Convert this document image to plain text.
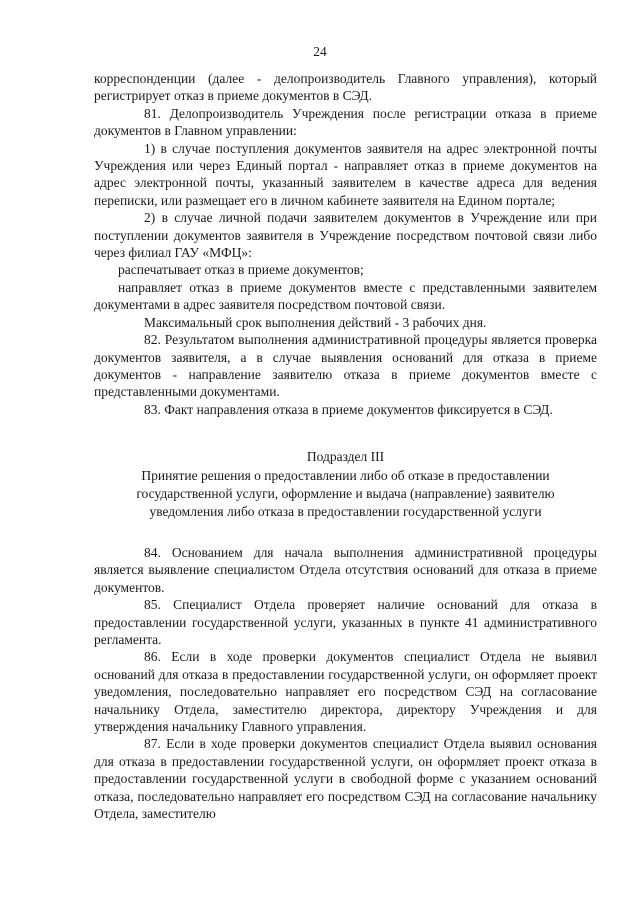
24

корреспонденции (далее - делопроизводитель Главного управления), который регистрирует отказ в приеме документов в СЭД.

81. Делопроизводитель Учреждения после регистрации отказа в приеме документов в Главном управлении:

1) в случае поступления документов заявителя на адрес электронной почты Учреждения или через Единый портал - направляет отказ в приеме документов на адрес электронной почты, указанный заявителем в качестве адреса для ведения переписки, или размещает его в личном кабинете заявителя на Едином портале;

2) в случае личной подачи заявителем документов в Учреждение или при поступлении документов заявителя в Учреждение посредством почтовой связи либо через филиал ГАУ «МФЦ»:

распечатывает отказ в приеме документов;

направляет отказ в приеме документов вместе с представленными заявителем документами в адрес заявителя посредством почтовой связи.

Максимальный срок выполнения действий - 3 рабочих дня.

82. Результатом выполнения административной процедуры является проверка документов заявителя, а в случае выявления оснований для отказа в приеме документов - направление заявителю отказа в приеме документов вместе с представленными документами.

83. Факт направления отказа в приеме документов фиксируется в СЭД.

Подраздел III
Принятие решения о предоставлении либо об отказе в предоставлении
государственной услуги, оформление и выдача (направление) заявителю
уведомления либо отказа в предоставлении государственной услуги

84. Основанием для начала выполнения административной процедуры является выявление специалистом Отдела отсутствия оснований для отказа в приеме документов.

85. Специалист Отдела проверяет наличие оснований для отказа в предоставлении государственной услуги, указанных в пункте 41 административного регламента.

86. Если в ходе проверки документов специалист Отдела не выявил оснований для отказа в предоставлении государственной услуги, он оформляет проект уведомления, последовательно направляет его посредством СЭД на согласование начальнику Отдела, заместителю директора, директору Учреждения и для утверждения начальнику Главного управления.

87. Если в ходе проверки документов специалист Отдела выявил основания для отказа в предоставлении государственной услуги, он оформляет проект отказа в предоставлении государственной услуги в свободной форме с указанием оснований отказа, последовательно направляет его посредством СЭД на согласование начальнику Отдела, заместителю
